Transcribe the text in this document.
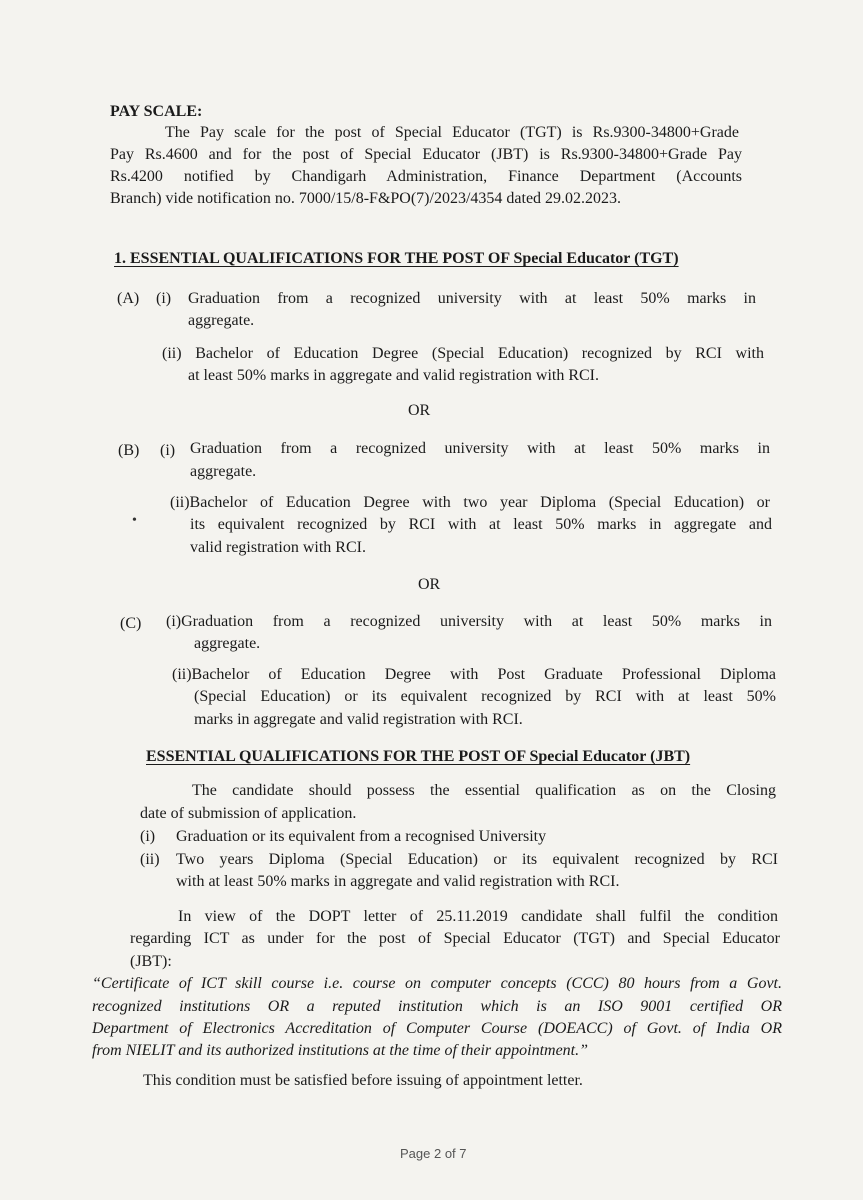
PAY SCALE:
The Pay scale for the post of Special Educator (TGT) is Rs.9300-34800+Grade
Pay Rs.4600 and for the post of Special Educator (JBT) is Rs.9300-34800+Grade Pay
Rs.4200 notified by Chandigarh Administration, Finance Department (Accounts
Branch) vide notification no. 7000/15/8-F&PO(7)/2023/4354 dated 29.02.2023.
1. ESSENTIAL QUALIFICATIONS FOR THE POST OF Special Educator (TGT)
(A) (i) Graduation from a recognized university with at least 50% marks in
aggregate.
(ii) Bachelor of Education Degree (Special Education) recognized by RCI with
at least 50% marks in aggregate and valid registration with RCI.
OR
(B) (i) Graduation from a recognized university with at least 50% marks in
aggregate.
(ii)Bachelor of Education Degree with two year Diploma (Special Education) or
its equivalent recognized by RCI with at least 50% marks in aggregate and
valid registration with RCI.
•
OR
(C) (i)Graduation from a recognized university with at least 50% marks in
aggregate.
(ii)Bachelor of Education Degree with Post Graduate Professional Diploma
(Special Education) or its equivalent recognized by RCI with at least 50%
marks in aggregate and valid registration with RCI.
ESSENTIAL QUALIFICATIONS FOR THE POST OF Special Educator (JBT)
The candidate should possess the essential qualification as on the Closing
date of submission of application.
(i) Graduation or its equivalent from a recognised University
(ii) Two years Diploma (Special Education) or its equivalent recognized by RCI
with at least 50% marks in aggregate and valid registration with RCI.
In view of the DOPT letter of 25.11.2019 candidate shall fulfil the condition
regarding ICT as under for the post of Special Educator (TGT) and Special Educator
(JBT):
“Certificate of ICT skill course i.e. course on computer concepts (CCC) 80 hours from a Govt.
recognized institutions OR a reputed institution which is an ISO 9001 certified OR
Department of Electronics Accreditation of Computer Course (DOEACC) of Govt. of India OR
from NIELIT and its authorized institutions at the time of their appointment.”
This condition must be satisfied before issuing of appointment letter.
Page 2 of 7
